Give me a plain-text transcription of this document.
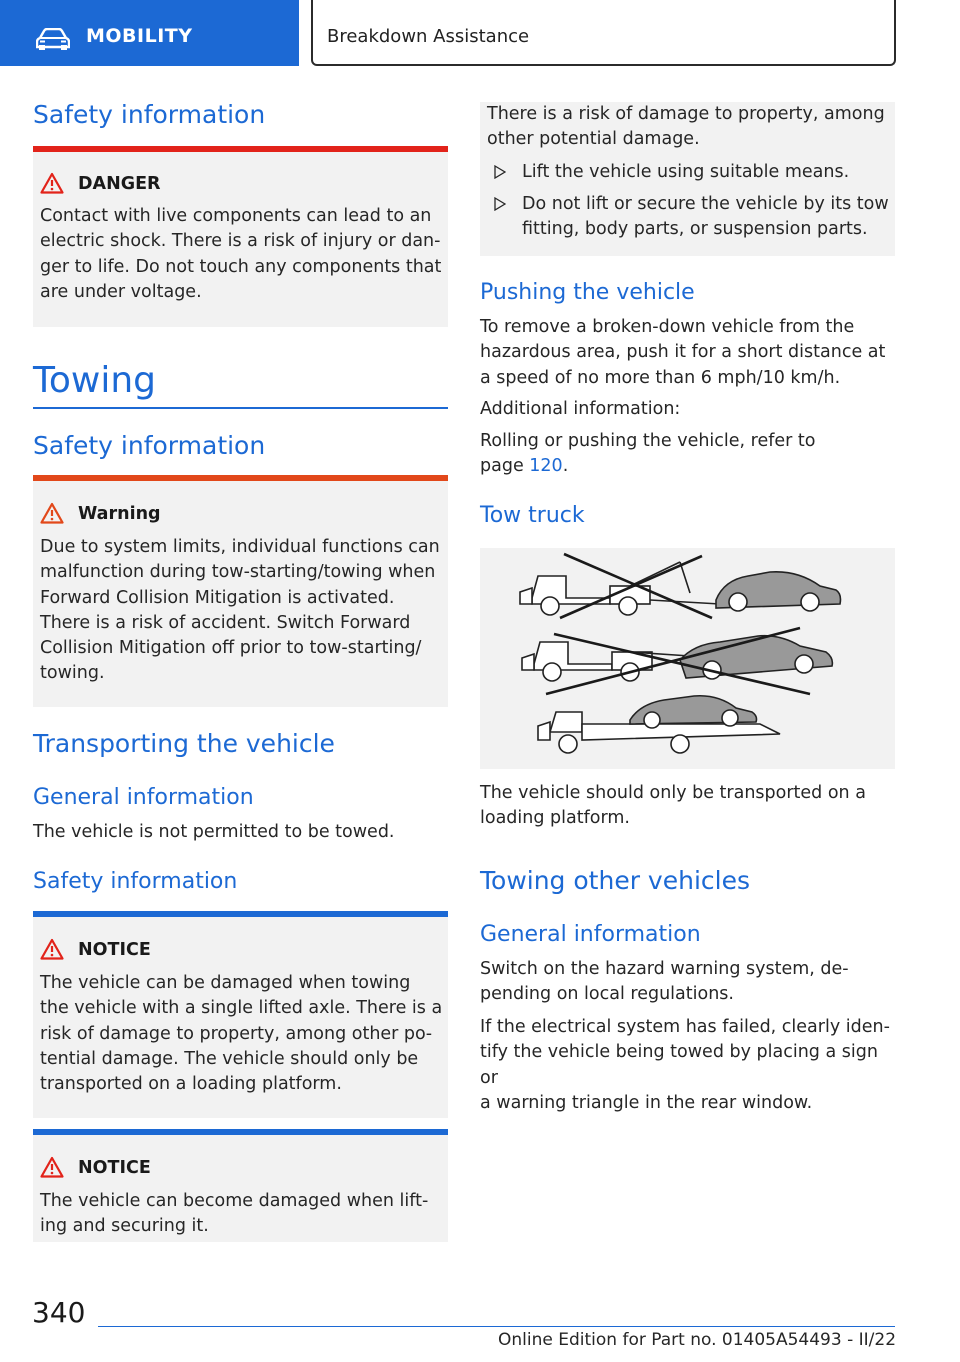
MOBILITY	Breakdown Assistance
Safety information
DANGER
Contact with live components can lead to an
electric shock. There is a risk of injury or dan‐
ger to life. Do not touch any components that
are under voltage.
Towing
Safety information
Warning
Due to system limits, individual functions can
malfunction during tow-starting/towing when
Forward Collision Mitigation is activated.
There is a risk of accident. Switch Forward
Collision Mitigation off prior to tow-starting/
towing.
Transporting the vehicle
General information
The vehicle is not permitted to be towed.
Safety information
NOTICE
The vehicle can be damaged when towing
the vehicle with a single lifted axle. There is a
risk of damage to property, among other po‐
tential damage. The vehicle should only be
transported on a loading platform.
NOTICE
The vehicle can become damaged when lift‐
ing and securing it.
There is a risk of damage to property, among
other potential damage.
Lift the vehicle using suitable means.
Do not lift or secure the vehicle by its tow
fitting, body parts, or suspension parts.
Pushing the vehicle
To remove a broken-down vehicle from the
hazardous area, push it for a short distance at
a speed of no more than 6 mph/10 km/h.
Additional information:
Rolling or pushing the vehicle, refer to
page 120.
Tow truck
The vehicle should only be transported on a
loading platform.
Towing other vehicles
General information
Switch on the hazard warning system, de‐
pending on local regulations.
If the electrical system has failed, clearly iden‐
tify the vehicle being towed by placing a sign or
a warning triangle in the rear window.
340
Online Edition for Part no. 01405A54493 - II/22
